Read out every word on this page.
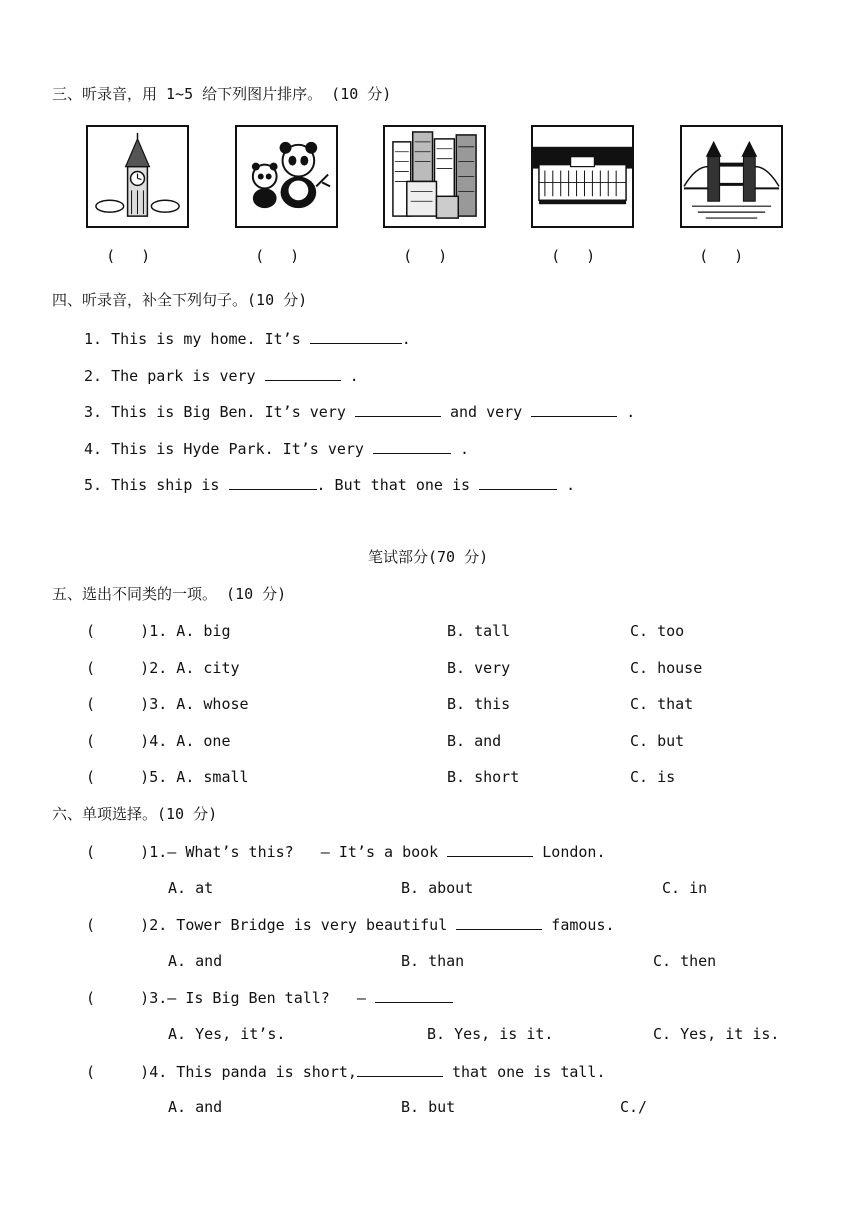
三、听录音，用 1~5 给下列图片排序。 (10 分)
(      )	(      )	(      )	(      )	(      )
四、听录音，补全下列句子。(10 分)
1. This is my home. It’s	.
2. The park is very	.
3. This is Big Ben. It’s very	and very	.
4. This is Hyde Park. It’s very	.
5. This ship is	. But that one is	.
笔试部分(70 分)
五、选出不同类的一项。 (10 分)
(     )1. A. big	B. tall	C. too
(     )2. A. city	B. very	C. house
(     )3. A. whose	B. this	C. that
(     )4. A. one	B. and	C. but
(     )5. A. small	B. short	C. is
六、单项选择。(10 分)
(     )1.— What’s this?   — It’s a book	London.
A. at	B. about	C. in
(     )2. Tower Bridge is very beautiful	famous.
A. and	B. than	C. then
(     )3.— Is Big Ben tall?   —
A. Yes, it’s.	B. Yes, is it.	C. Yes, it is.
(     )4. This panda is short,	that one is tall.
A. and	B. but	C./
